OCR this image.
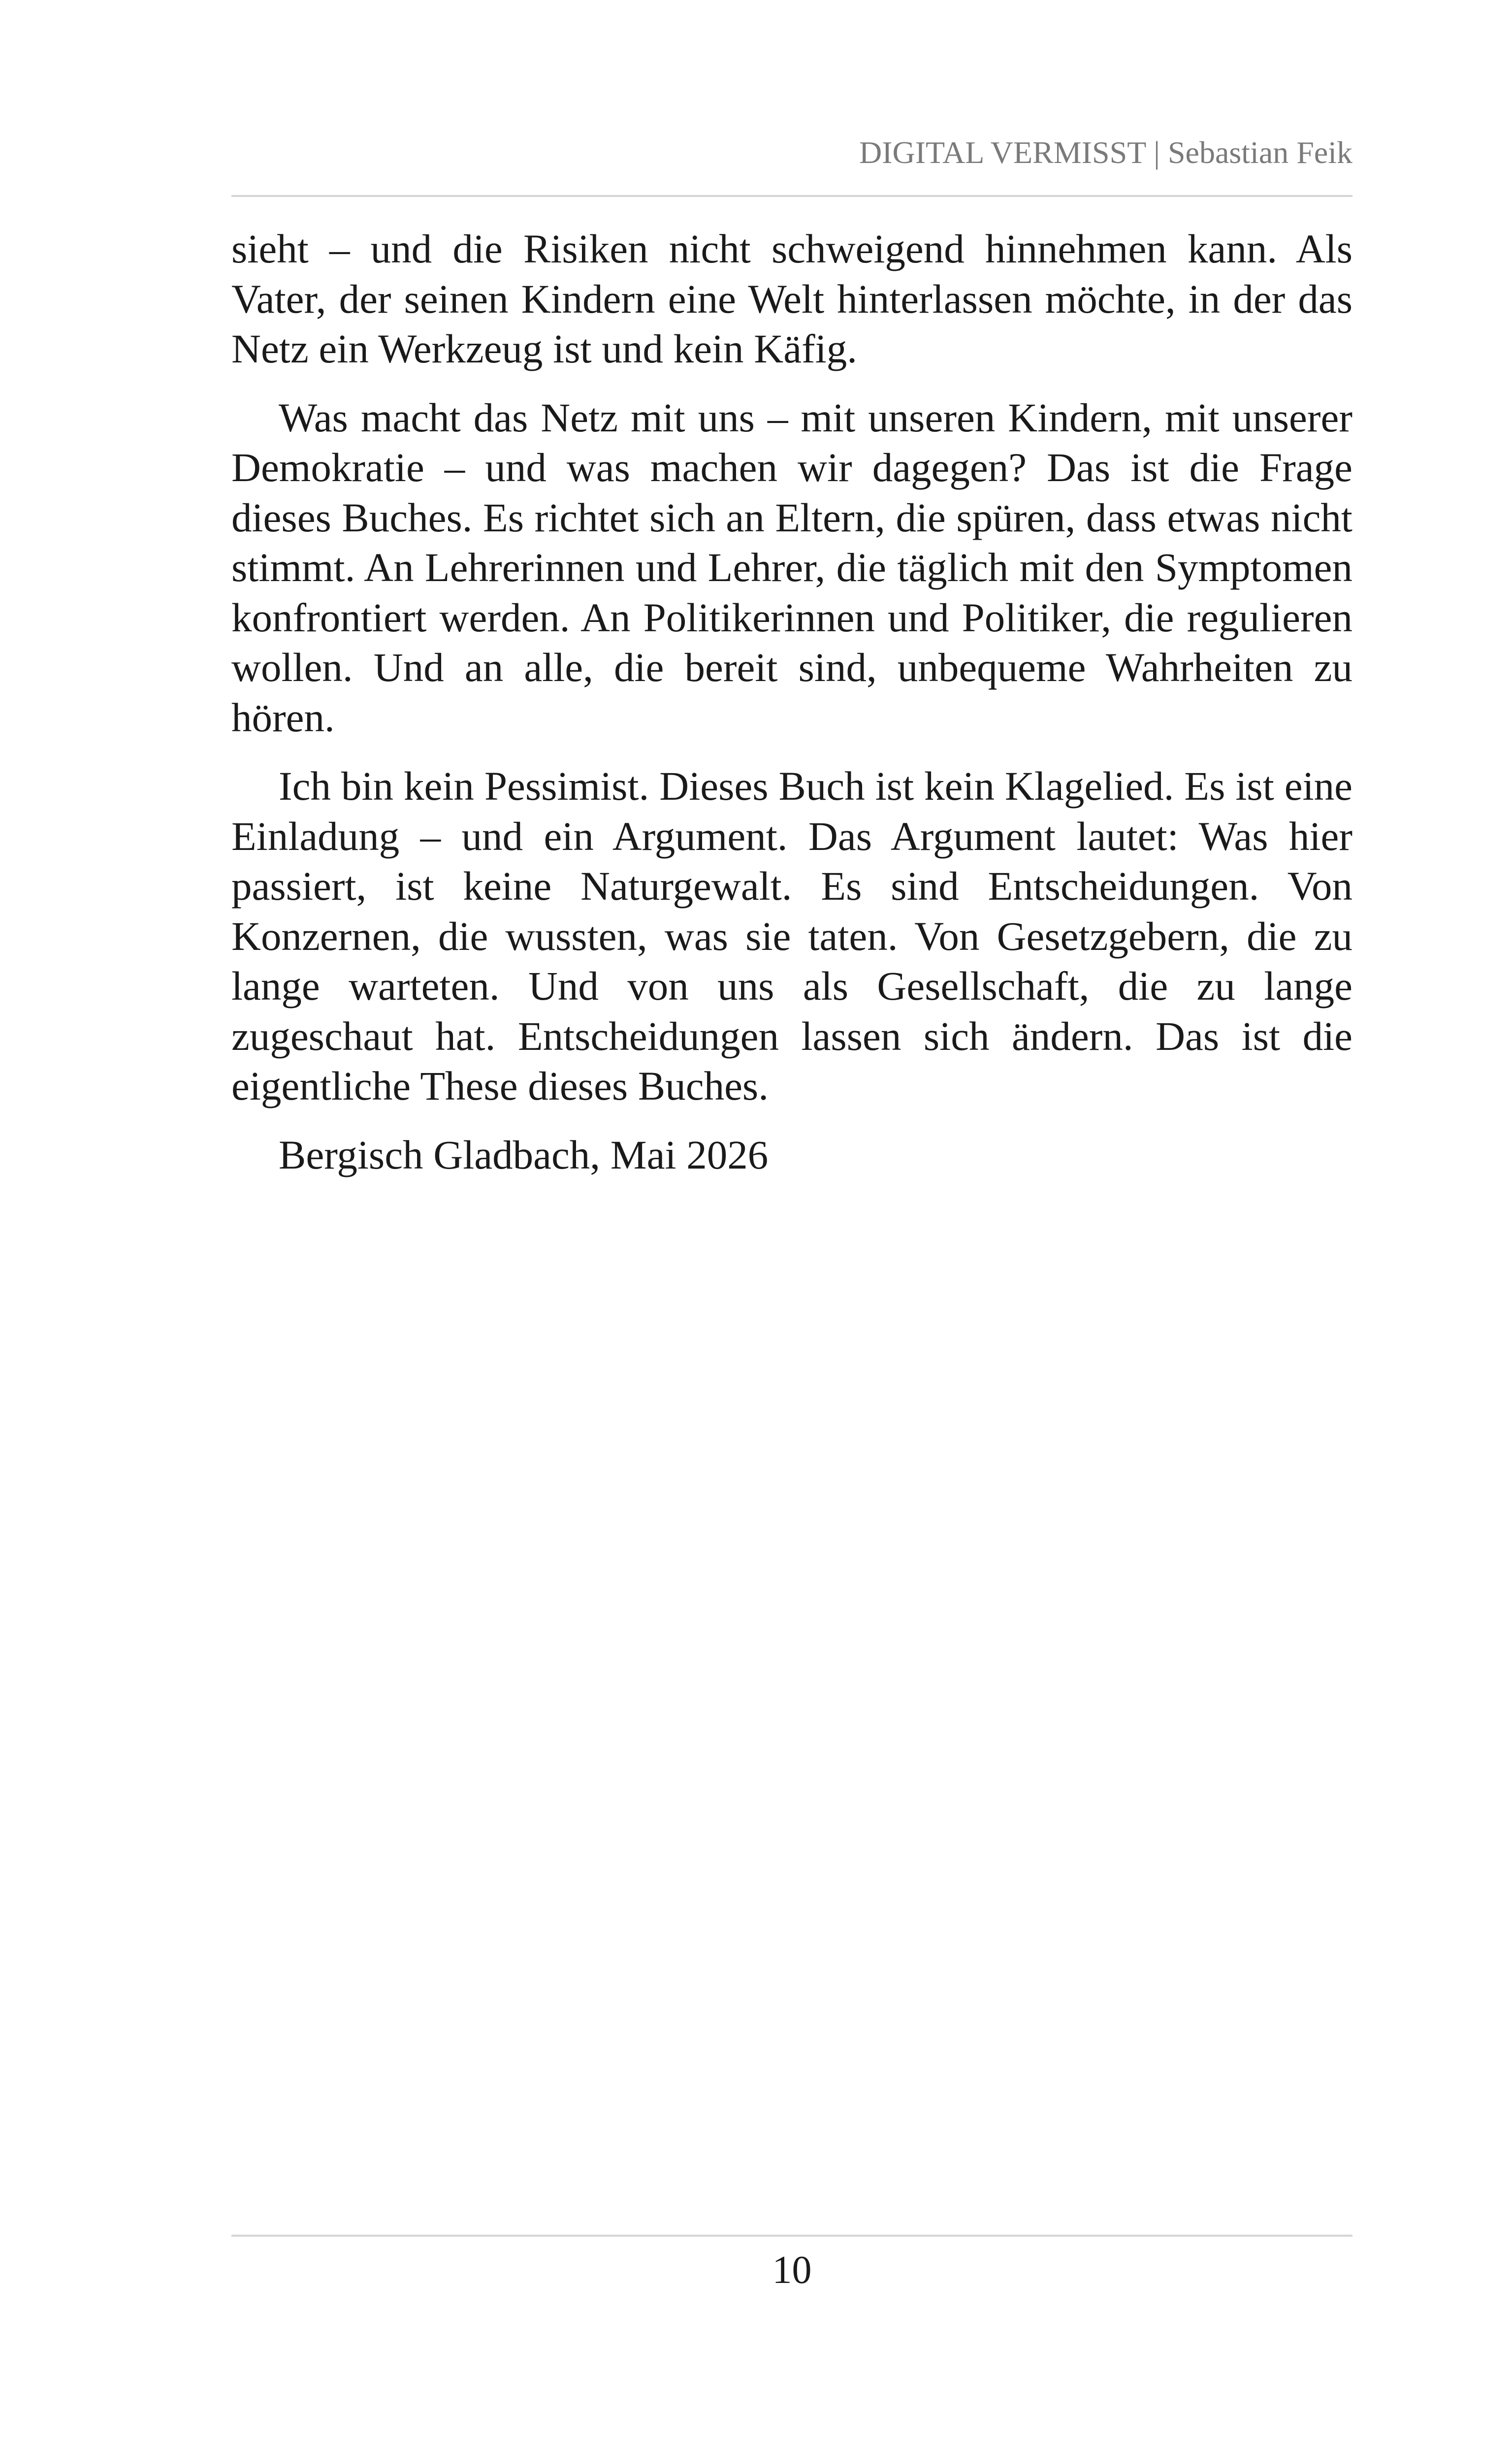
DIGITAL VERMISST | Sebastian Feik

sieht – und die Risiken nicht schweigend hinnehmen kann. Als Vater, der seinen Kindern eine Welt hinterlassen möchte, in der das Netz ein Werkzeug ist und kein Käfig.

Was macht das Netz mit uns – mit unseren Kindern, mit unserer Demokratie – und was machen wir dagegen? Das ist die Frage dieses Buches. Es richtet sich an Eltern, die spüren, dass etwas nicht stimmt. An Lehrerinnen und Lehrer, die täglich mit den Symptomen konfrontiert werden. An Politikerinnen und Politiker, die regulieren wollen. Und an alle, die bereit sind, unbequeme Wahrheiten zu hören.

Ich bin kein Pessimist. Dieses Buch ist kein Klagelied. Es ist eine Einladung – und ein Argument. Das Argument lautet: Was hier passiert, ist keine Naturgewalt. Es sind Entscheidungen. Von Konzernen, die wussten, was sie taten. Von Gesetzgebern, die zu lange warteten. Und von uns als Gesellschaft, die zu lange zugeschaut hat. Entscheidungen lassen sich ändern. Das ist die eigentliche These dieses Buches.

Bergisch Gladbach, Mai 2026

10
